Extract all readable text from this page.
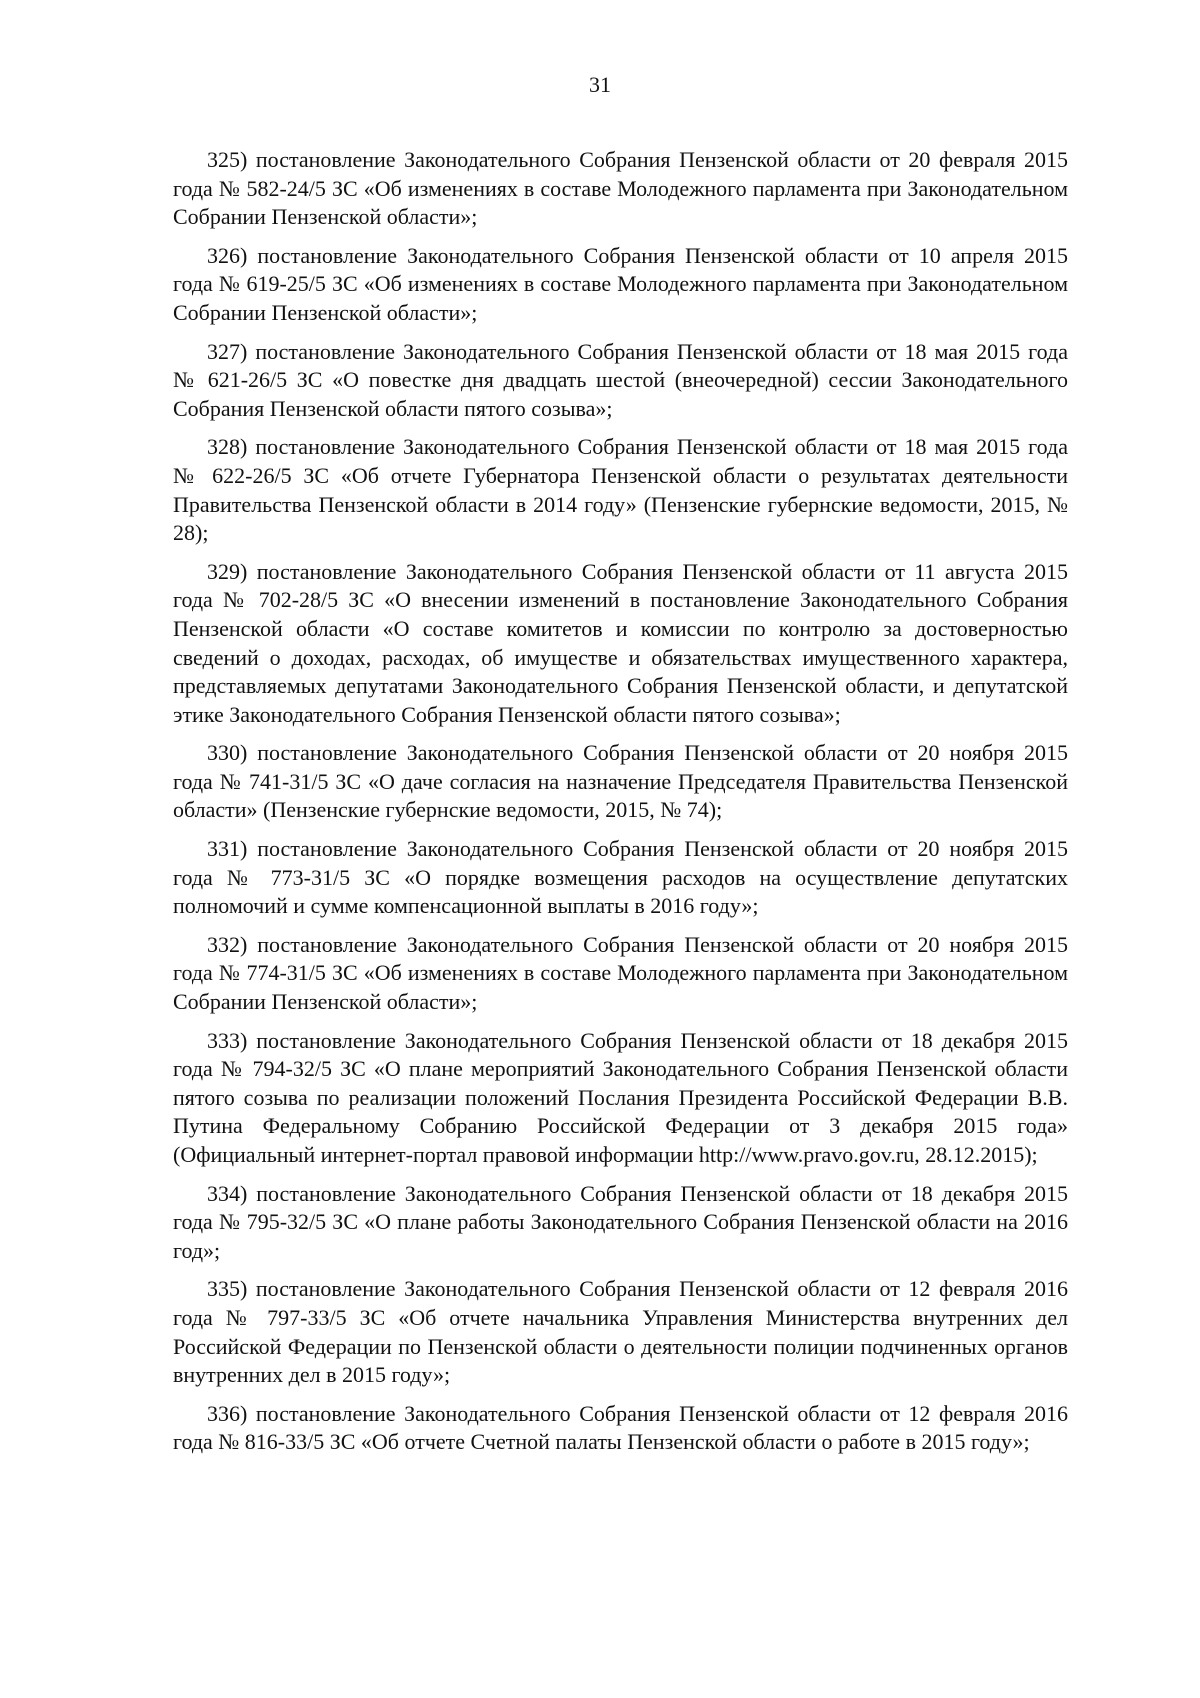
31

325) постановление Законодательного Собрания Пензенской области от 20 февраля 2015 года № 582-24/5 ЗС «Об изменениях в составе Молодежного парламента при Законодательном Собрании Пензенской области»;

326) постановление Законодательного Собрания Пензенской области от 10 апреля 2015 года № 619-25/5 ЗС «Об изменениях в составе Молодежного парламента при Законодательном Собрании Пензенской области»;

327) постановление Законодательного Собрания Пензенской области от 18 мая 2015 года № 621-26/5 ЗС «О повестке дня двадцать шестой (внеочередной) сессии Законодательного Собрания Пензенской области пятого созыва»;

328) постановление Законодательного Собрания Пензенской области от 18 мая 2015 года № 622-26/5 ЗС «Об отчете Губернатора Пензенской области о результатах деятельности Правительства Пензенской области в 2014 году» (Пензенские губернские ведомости, 2015, № 28);

329) постановление Законодательного Собрания Пензенской области от 11 августа 2015 года № 702-28/5 ЗС «О внесении изменений в постановление Законодательного Собрания Пензенской области «О составе комитетов и комиссии по контролю за достоверностью сведений о доходах, расходах, об имуществе и обязательствах имущественного характера, представляемых депутатами Законодательного Собрания Пензенской области, и депутатской этике Законодательного Собрания Пензенской области пятого созыва»;

330) постановление Законодательного Собрания Пензенской области от 20 ноября 2015 года № 741-31/5 ЗС «О даче согласия на назначение Председателя Правительства Пензенской области» (Пензенские губернские ведомости, 2015, № 74);

331) постановление Законодательного Собрания Пензенской области от 20 ноября 2015 года № 773-31/5 ЗС «О порядке возмещения расходов на осуществление депутатских полномочий и сумме компенсационной выплаты в 2016 году»;

332) постановление Законодательного Собрания Пензенской области от 20 ноября 2015 года № 774-31/5 ЗС «Об изменениях в составе Молодежного парламента при Законодательном Собрании Пензенской области»;

333) постановление Законодательного Собрания Пензенской области от 18 декабря 2015 года № 794-32/5 ЗС «О плане мероприятий Законодательного Собрания Пензенской области пятого созыва по реализации положений Послания Президента Российской Федерации В.В. Путина Федеральному Собранию Российской Федерации от 3 декабря 2015 года» (Официальный интернет-портал правовой информации http://www.pravo.gov.ru, 28.12.2015);

334) постановление Законодательного Собрания Пензенской области от 18 декабря 2015 года № 795-32/5 ЗС «О плане работы Законодательного Собрания Пензенской области на 2016 год»;

335) постановление Законодательного Собрания Пензенской области от 12 февраля 2016 года № 797-33/5 ЗС «Об отчете начальника Управления Министерства внутренних дел Российской Федерации по Пензенской области о деятельности полиции подчиненных органов внутренних дел в 2015 году»;

336) постановление Законодательного Собрания Пензенской области от 12 февраля 2016 года № 816-33/5 ЗС «Об отчете Счетной палаты Пензенской области о работе в 2015 году»;
